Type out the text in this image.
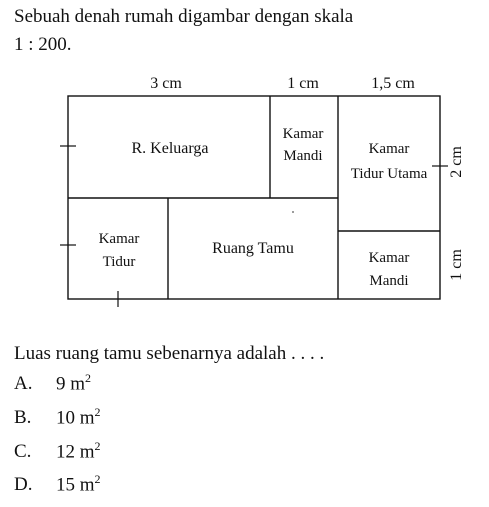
Sebuah denah rumah digambar dengan skala
1 : 200.
3 cm	1 cm	1,5 cm
2 cm
1 cm
R. Keluarga
Kamar
Mandi	Kamar
Tidur Utama
Kamar
Tidur
Ruang Tamu
Kamar
Mandi
Luas ruang tamu sebenarnya adalah . . . .
A. 9 $m^2$
B. 10 $m^2$
C. 12 $m^2$
D. 15 $m^2$
